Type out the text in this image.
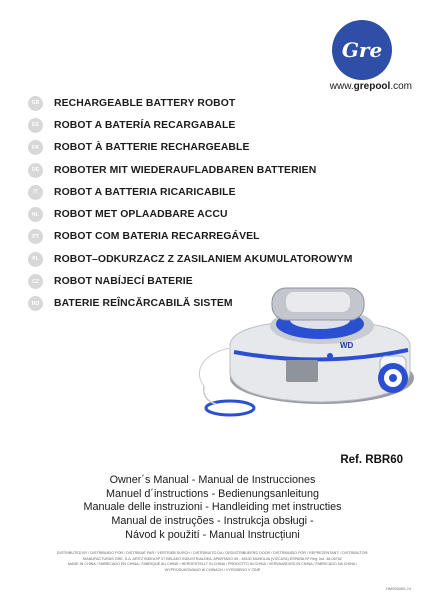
Gre
www.grepool.com
GB	RECHARGEABLE BATTERY ROBOT
ES	ROBOT A BATERÍA RECARGABALE
FR	ROBOT À BATTERIE RECHARGEABLE
DE	ROBOTER MIT WIEDERAUFLADBAREN BATTERIEN
IT	ROBOT A BATTERIA RICARICABILE
NL	ROBOT MET OPLAADBARE ACCU
PT	ROBOT COM BATERIA RECARREGÁVEL
PL	ROBOT–ODKURZACZ Z ZASILANIEM AKUMULATOROWYM
CZ	ROBOT NABÍJECÍ BATERIE
RO	BATERIE REÎNCĂRCABILĂ SISTEM
WD
Ref. RBR60
Owner´s Manual - Manual de Instrucciones
Manuel d´instructions - Bedienungsanleitung
Manuale delle instruzioni - Handleiding met instructies
Manual de instruções - Instrukcja obsługi -
Návod k použití - Manual Instrucțiuni
DISTRIBUTED BY / DISTRIBUIDO POR / DISTRIBUÉ PAR / VERTRIEB DURCH / DISTRIBUITO DA / GEDISTRIBUEERD DOOR / DISTRIBUÍDO POR / REPREZENTANT: / DISTRIBUTOR:
MANUFACTURAS GRE, S.A. ARITZ BIDEA Nº 57 BELAKO INDUSTRIALDEA, APARTADO 69 - 48100 MUNGUIA (VIZCAYA) ESPAÑA Nº Reg. Ind. 48-06762
MADE IN CHINA / FABRICADO EN CHINA / FABRIQUÉ AU CHINE / HERGESTELLT IN CHINA / PRODOTTO IN CHINA / VERVAARDIGD IN CHINA / FABRICADO NA CHINA /
WYPRODUKOWANO W CHINACH / VYROBENO V ČÍNĚ
HM998085.24
